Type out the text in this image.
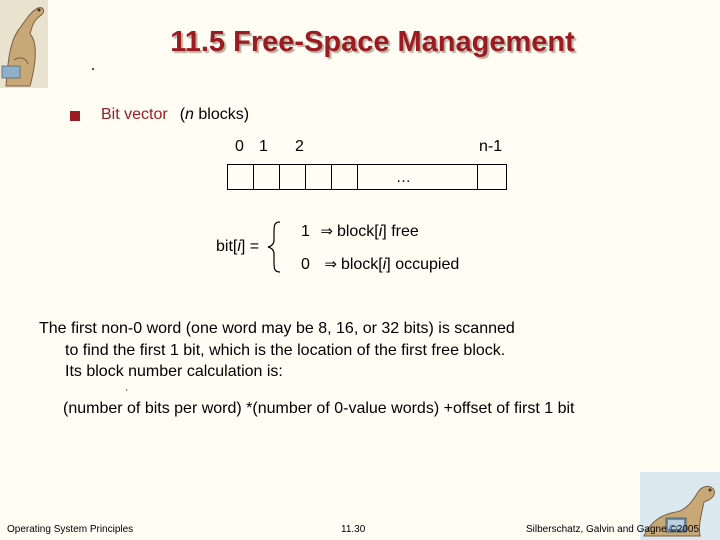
11.5 Free-Space Management
Bit vector (n blocks)
0 1 2	n-1
…
bit[i] =
1 ⇒ block[i] free
0 ⇒ block[i] occupied
The first non-0 word (one word may be 8, 16, or 32 bits) is scanned
to find the first 1 bit, which is the location of the first free block.
Its block number calculation is:
'
(number of bits per word) *(number of 0-value words) +offset of first 1 bit
Operating System Principles	11.30	Silberschatz, Galvin and Gagne ©2005
